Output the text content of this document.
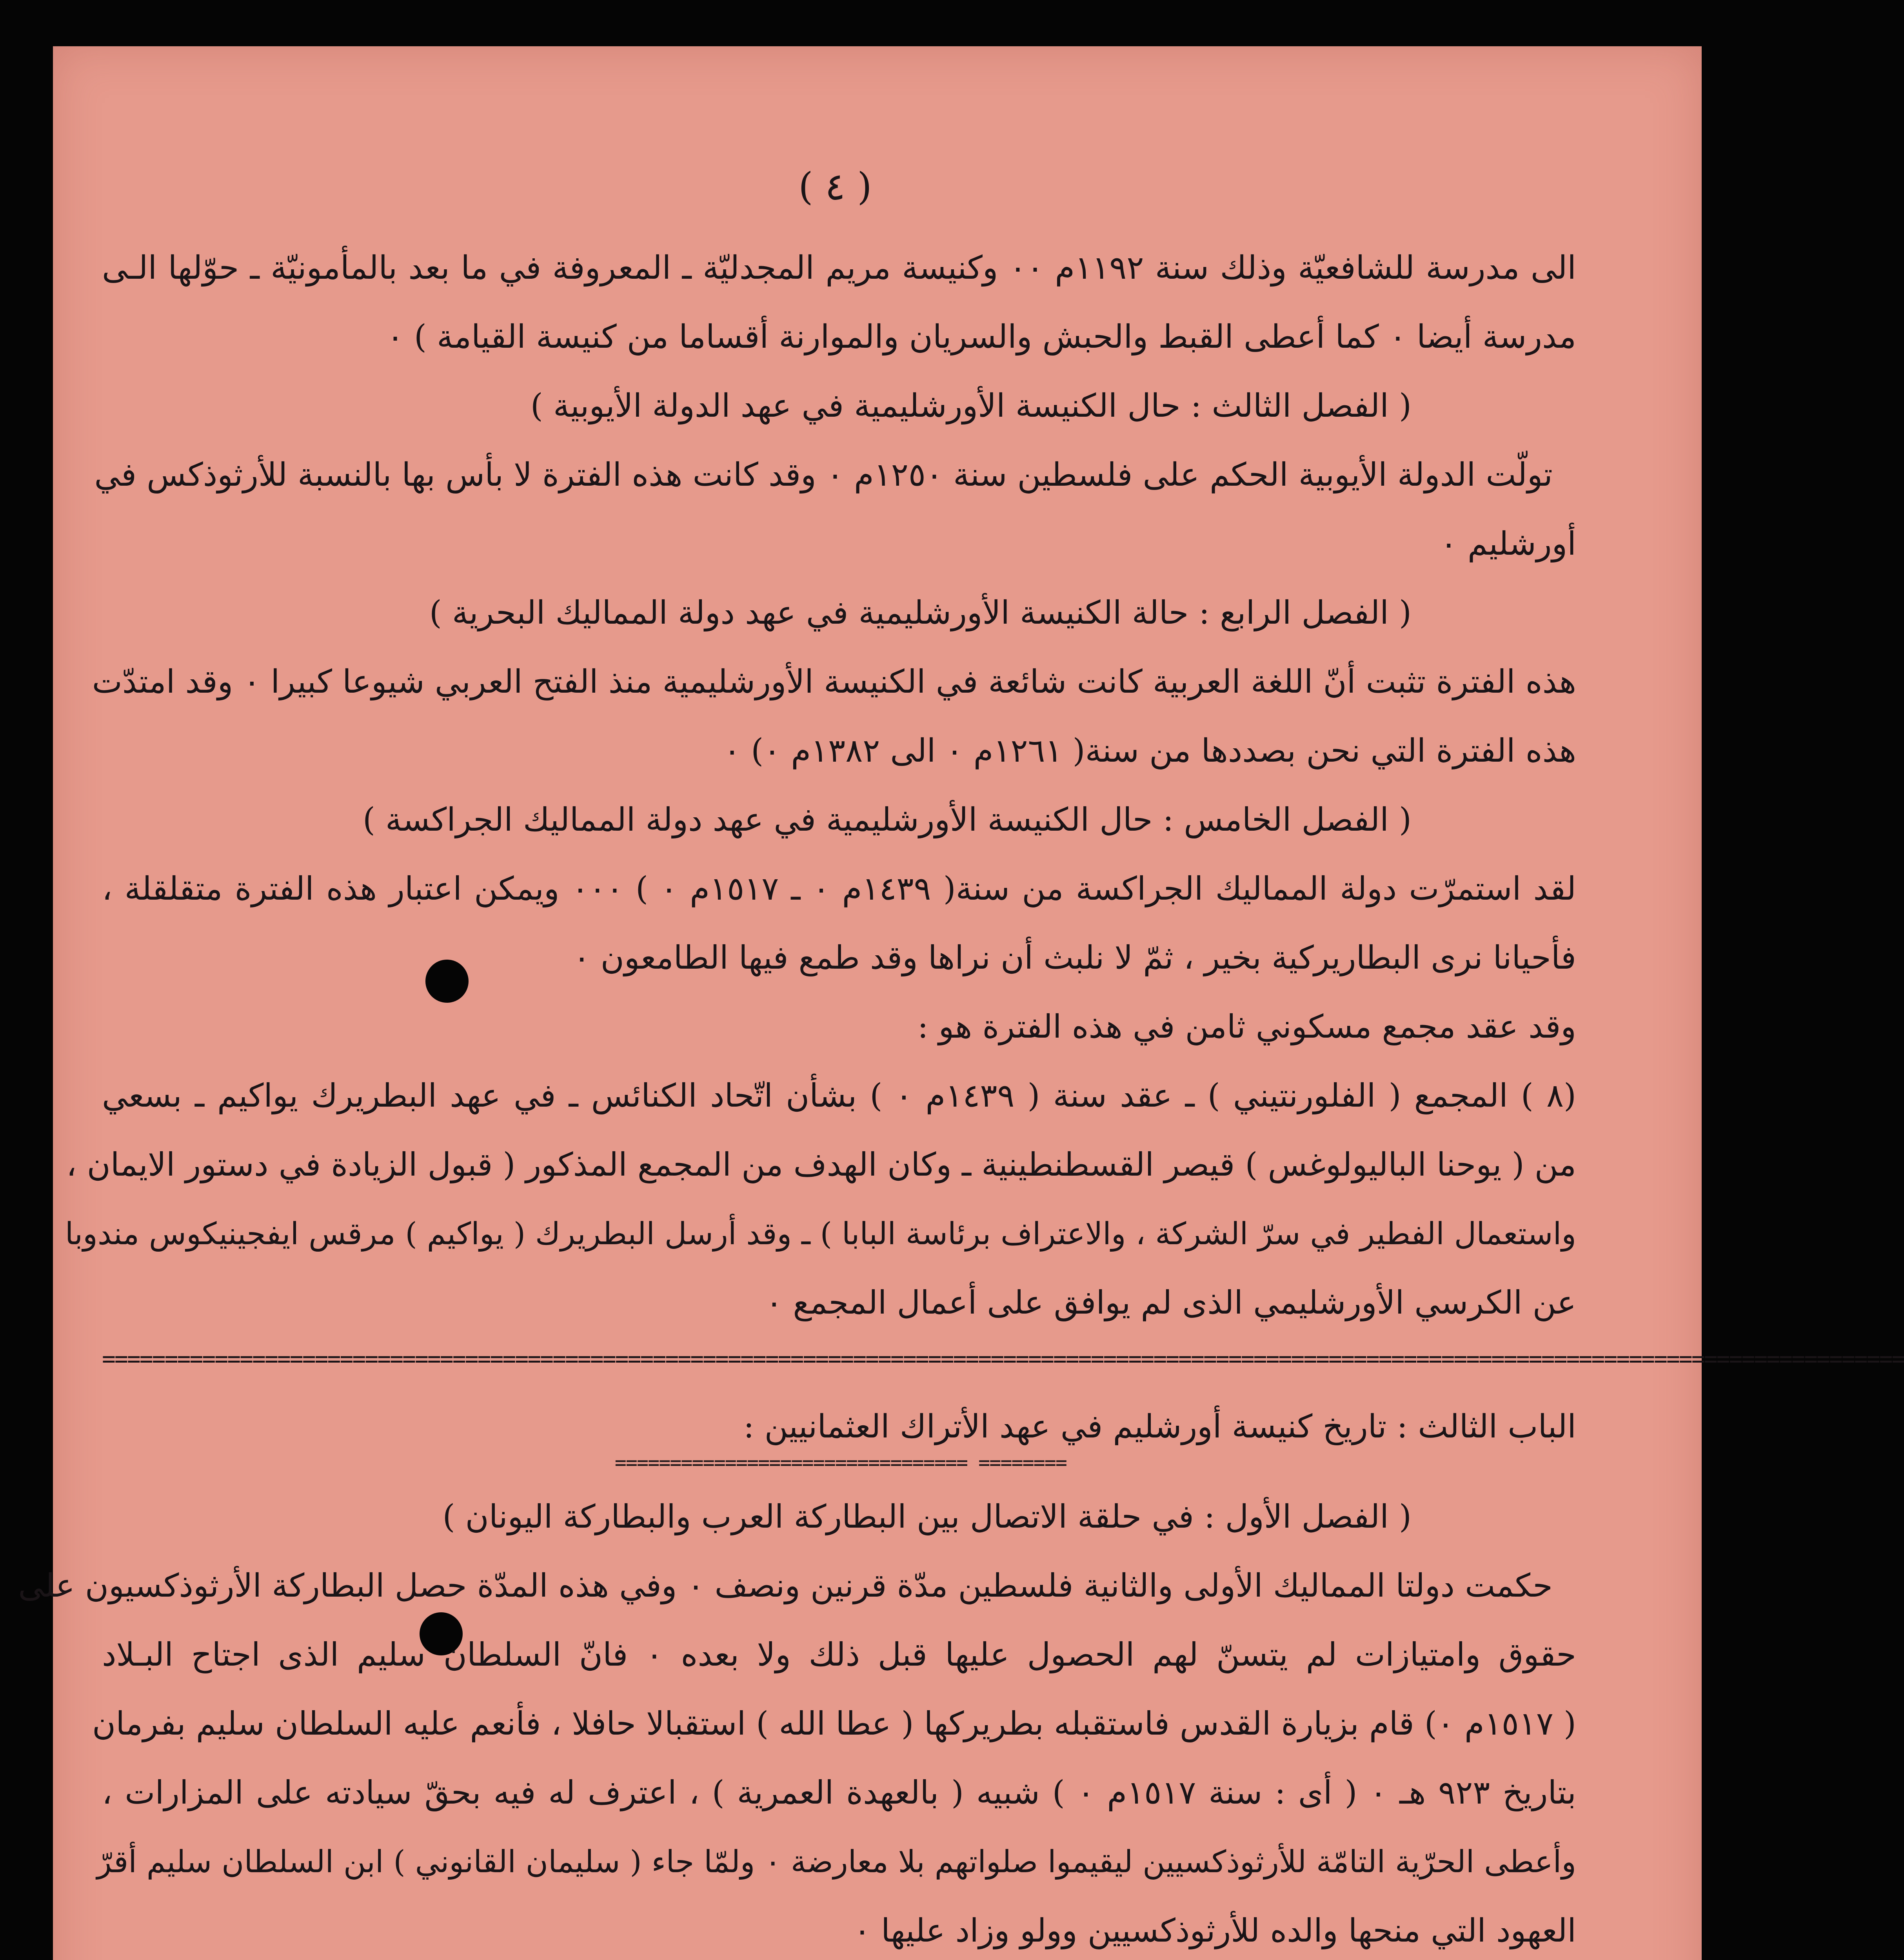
( ٤ )
الى مدرسة للشافعيّة وذلك سنة ١١٩٢م ٠٠ وكنيسة مريم المجدليّة ـ المعروفة في ما بعد بالمأمونيّة ـ حوّلها الـى
مدرسة أيضا ٠ كما أعطى القبط والحبش والسريان والموارنة أقساما من كنيسة القيامة ) ٠
( الفصل الثالث : حال الكنيسة الأورشليمية في عهد الدولة الأيوبية )
تولّت الدولة الأيوبية الحكم على فلسطين سنة ١٢٥٠م ٠ وقد كانت هذه الفترة لا بأس بها بالنسبة للأرثوذكس في
أورشليم ٠
( الفصل الرابع : حالة الكنيسة الأورشليمية في عهد دولة المماليك البحرية )
هذه الفترة تثبت أنّ اللغة العربية كانت شائعة في الكنيسة الأورشليمية منذ الفتح العربي شيوعا كبيرا ٠ وقد امتدّت
هذه الفترة التي نحن بصددها من سنة( ١٢٦١م ٠ الى ١٣٨٢م ٠) ٠
( الفصل الخامس : حال الكنيسة الأورشليمية في عهد دولة المماليك الجراكسة )
لقد استمرّت دولة المماليك الجراكسة من سنة( ١٤٣٩م ٠ ـ ١٥١٧م ٠ ) ٠٠٠ ويمكن اعتبار هذه الفترة متقلقلة ،
فأحيانا نرى البطاريركية بخير ، ثمّ لا نلبث أن نراها وقد طمع فيها الطامعون ٠
وقد عقد مجمع مسكوني ثامن في هذه الفترة هو :
(٨ ) المجمع ( الفلورنتيني ) ـ عقد سنة ( ١٤٣٩م ٠ ) بشأن اتّحاد الكنائس ـ في عهد البطريرك يواكيم ـ بسعي
من ( يوحنا الباليولوغس ) قيصر القسطنطينية ـ وكان الهدف من المجمع المذكور ( قبول الزيادة في دستور الايمان ،
واستعمال الفطير في سرّ الشركة ، والاعتراف برئاسة البابا ) ـ وقد أرسل البطريرك ( يواكيم ) مرقس ايفجينيكوس مندوبا
عن الكرسي الأورشليمي الذى لم يوافق على أعمال المجمع ٠
================================================================================================================================================
الباب الثالث : تاريخ كنيسة أورشليم في عهد الأتراك العثمانيين :
================================ ========
( الفصل الأول : في حلقة الاتصال بين البطاركة العرب والبطاركة اليونان )
حكمت دولتا المماليك الأولى والثانية فلسطين مدّة قرنين ونصف ٠ وفي هذه المدّة حصل البطاركة الأرثوذكسيون على
حقوق وامتيازات لم يتسنّ لهم الحصول عليها قبل ذلك ولا بعده ٠ فانّ السلطان سليم الذى اجتاح البـلاد
( ١٥١٧م ٠) قام بزيارة القدس فاستقبله بطريركها ( عطا الله ) استقبالا حافلا ، فأنعم عليه السلطان سليم بفرمان
بتاريخ ٩٢٣ هـ ٠ ( أى : سنة ١٥١٧م ٠ ) شبيه ( بالعهدة العمرية ) ، اعترف له فيه بحقّ سيادته على المزارات ،
وأعطى الحرّية التامّة للأرثوذكسيين ليقيموا صلواتهم بلا معارضة ٠ ولمّا جاء ( سليمان القانوني ) ابن السلطان سليم أقرّ
العهود التي منحها والده للأرثوذكسيين وولو وزاد عليها ٠
